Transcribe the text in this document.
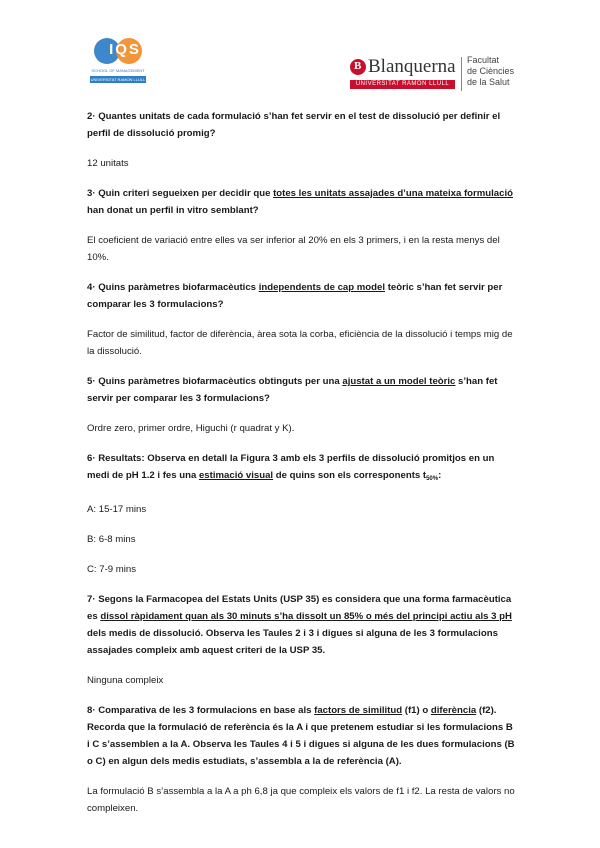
IQS
SCHOOL OF MANAGEMENT
UNIVERSITAT RAMON LLULL
B Blanquerna
UNIVERSITAT RAMON LLULL
Facultat
de Ciències
de la Salut

2· Quantes unitats de cada formulació s’han fet servir en el test de dissolució per definir el perfil de dissolució promig?

12 unitats

3· Quin criteri segueixen per decidir que totes les unitats assajades d’una mateixa formulació han donat un perfil in vitro semblant?

El coeficient de variació entre elles va ser inferior al 20% en els 3 primers, i en la resta menys del 10%.

4· Quins paràmetres biofarmacèutics independents de cap model teòric s’han fet servir per comparar les 3 formulacions?

Factor de similitud, factor de diferència, àrea sota la corba, eficiència de la dissolució i temps mig de la dissolució.

5· Quins paràmetres biofarmacèutics obtinguts per una ajustat a un model teòric s’han fet servir per comparar les 3 formulacions?

Ordre zero, primer ordre, Higuchi (r quadrat y K).

6· Resultats: Observa en detall la Figura 3 amb els 3 perfils de dissolució promitjos en un medi de pH 1.2 i fes una estimació visual de quins son els corresponents $t_{50\%}$:

A: 15-17 mins

B: 6-8 mins

C: 7-9 mins

7· Segons la Farmacopea del Estats Units (USP 35) es considera que una forma farmacèutica es dissol ràpidament quan als 30 minuts s’ha dissolt un 85% o més del principi actiu als 3 pH dels medis de dissolució. Observa les Taules 2 i 3 i digues si alguna de les 3 formulacions assajades compleix amb aquest criteri de la USP 35.

Ninguna compleix

8· Comparativa de les 3 formulacions en base als factors de similitud (f1) o diferència (f2). Recorda que la formulació de referència és la A i que pretenem estudiar si les formulacions B i C s’assemblen a la A. Observa les Taules 4 i 5 i digues si alguna de les dues formulacions (B o C) en algun dels medis estudiats, s’assembla a la de referència (A).

La formulació B s’assembla a la A a ph 6,8 ja que compleix els valors de f1 i f2. La resta de valors no compleixen.
